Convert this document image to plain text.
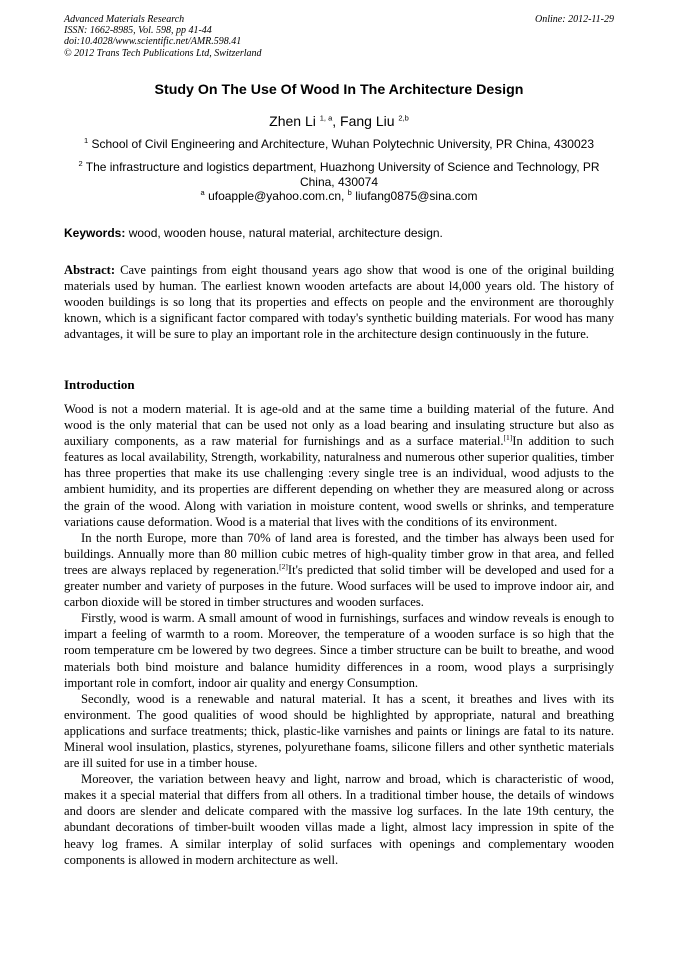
Advanced Materials Research
ISSN: 1662-8985, Vol. 598, pp 41-44
doi:10.4028/www.scientific.net/AMR.598.41
© 2012 Trans Tech Publications Ltd, Switzerland
Online: 2012-11-29
Study On The Use Of Wood In The Architecture Design
Zhen Li $^{1, a}$, Fang Liu $^{2,b}$
$^1$ School of Civil Engineering and Architecture, Wuhan Polytechnic University, PR China, 430023
$^2$ The infrastructure and logistics department, Huazhong University of Science and Technology, PR China, 430074
$^a$ ufoapple@yahoo.com.cn, $^b$ liufang0875@sina.com
Keywords: wood, wooden house, natural material, architecture design.
Abstract: Cave paintings from eight thousand years ago show that wood is one of the original building materials used by human. The earliest known wooden artefacts are about l4,000 years old. The history of wooden buildings is so long that its properties and effects on people and the environment are thoroughly known, which is a significant factor compared with today's synthetic building materials. For wood has many advantages, it will be sure to play an important role in the architecture design continuously in the future.
Introduction

Wood is not a modern material. It is age-old and at the same time a building material of the future. And wood is the only material that can be used not only as a load bearing and insulating structure but also as auxiliary components, as a raw material for furnishings and as a surface material.[1]In addition to such features as local availability, Strength, workability, naturalness and numerous other superior qualities, timber has three properties that make its use challenging :every single tree is an individual, wood adjusts to the ambient humidity, and its properties are different depending on whether they are measured along or across the grain of the wood. Along with variation in moisture content, wood swells or shrinks, and temperature variations cause deformation. Wood is a material that lives with the conditions of its environment.

In the north Europe, more than 70% of land area is forested, and the timber has always been used for buildings. Annually more than 80 million cubic metres of high-quality timber grow in that area, and felled trees are always replaced by regeneration.[2]It's predicted that solid timber will be developed and used for a greater number and variety of purposes in the future. Wood surfaces will be used to improve indoor air, and carbon dioxide will be stored in timber structures and wooden surfaces.

Firstly, wood is warm. A small amount of wood in furnishings, surfaces and window reveals is enough to impart a feeling of warmth to a room. Moreover, the temperature of a wooden surface is so high that the room temperature cm be lowered by two degrees. Since a timber structure can be built to breathe, and wood materials both bind moisture and balance humidity differences in a room, wood plays a surprisingly important role in comfort, indoor air quality and energy Consumption.

Secondly, wood is a renewable and natural material. It has a scent, it breathes and lives with its environment. The good qualities of wood should be highlighted by appropriate, natural and breathing applications and surface treatments; thick, plastic-like varnishes and paints or linings are fatal to its nature. Mineral wool insulation, plastics, styrenes, polyurethane foams, silicone fillers and other synthetic materials are ill suited for use in a timber house.

Moreover, the variation between heavy and light, narrow and broad, which is characteristic of wood, makes it a special material that differs from all others. In a traditional timber house, the details of windows and doors are slender and delicate compared with the massive log surfaces. In the late 19th century, the abundant decorations of timber-built wooden villas made a light, almost lacy impression in spite of the heavy log frames. A similar interplay of solid surfaces with openings and complementary wooden components is allowed in modern architecture as well.
